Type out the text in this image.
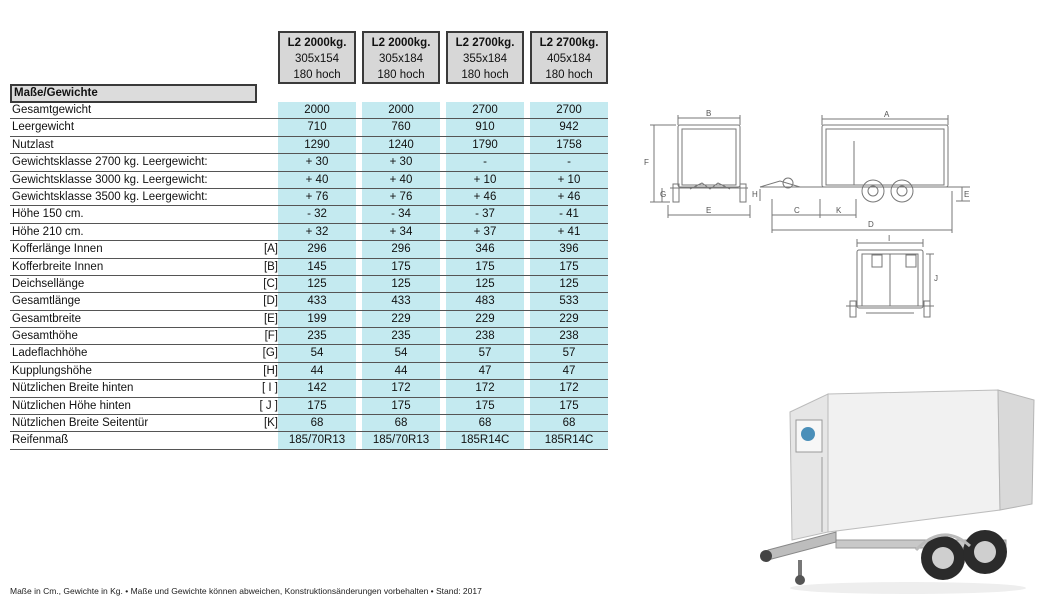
L2 2000kg.
305x154
180 hoch
L2 2000kg.
305x184
180 hoch
L2 2700kg.
355x184
180 hoch
L2 2700kg.
405x184
180 hoch
Maße/Gewichte
Gesamtgewicht	2000	2000	2700	2700
Leergewicht	710	760	910	942
Nutzlast	1290	1240	1790	1758
Gewichtsklasse 2700 kg. Leergewicht:	+ 30	+ 30	-	-
Gewichtsklasse 3000 kg. Leergewicht:	+ 40	+ 40	+ 10	+ 10
Gewichtsklasse 3500 kg. Leergewicht:	+ 76	+ 76	+ 46	+ 46
Höhe 150 cm.	- 32	- 34	- 37	- 41
Höhe 210 cm.	+ 32	+ 34	+ 37	+ 41
Kofferlänge Innen	[A]	296	296	346	396
Kofferbreite Innen	[B]	145	175	175	175
Deichsellänge	[C]	125	125	125	125
Gesamtlänge	[D]	433	433	483	533
Gesamtbreite	[E]	199	229	229	229
Gesamthöhe	[F]	235	235	238	238
Ladeflachhöhe	[G]	54	54	57	57
Kupplungshöhe	[H]	44	44	47	47
Nützlichen Breite hinten	[ I ]	142	172	172	172
Nützlichen Höhe hinten	[ J ]	175	175	175	175
Nützlichen Breite Seitentür	[K]	68	68	68	68
Reifenmaß	185/70R13	185/70R13	185R14C	185R14C
B	A
E
F
G
C	K
D
H	E
I
J
Maße in Cm., Gewichte in Kg. • Maße und Gewichte können abweichen, Konstruktionsänderungen vorbehalten • Stand: 2017
